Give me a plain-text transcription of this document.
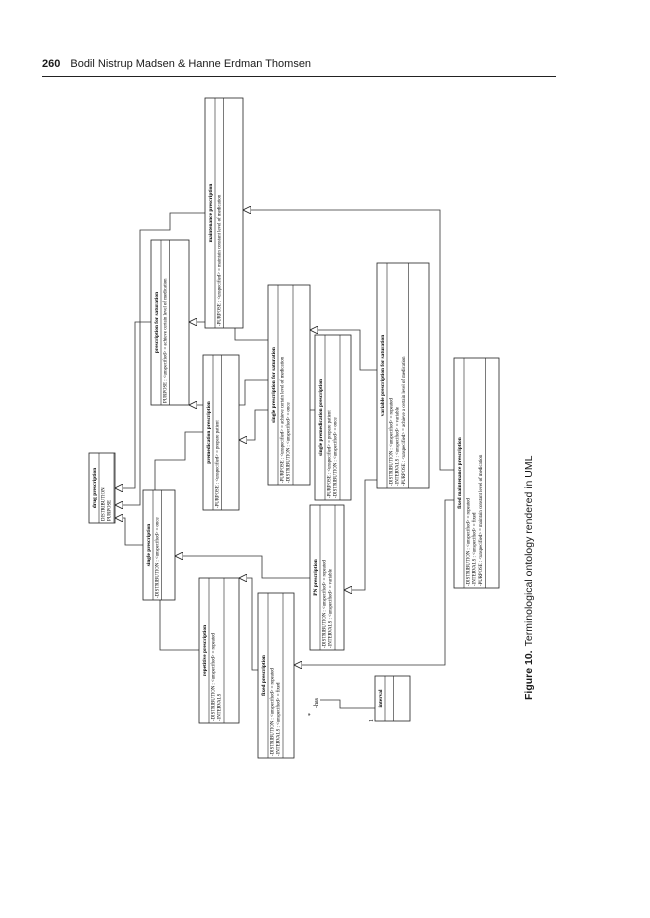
260 Bodil Nistrup Madsen & Hanne Erdman Thomsen
drug prescription DISTRIBUTION PURPOSE
single prescription -DISTRIBUTION : <unspecified> = once
repetitive prescription -DISTRIBUTION : <unspecified> = repeated -INTERVALS
fixed prescription -DISTRIBUTION : <unspecified> = repeated -INTERVALS : <unspecified> = fixed
PN prescription -DISTRIBUTION : <unspecified> = repeated -INTERVALS : <unspecified> = variable
premedication prescription -PURPOSE : <unspecified> = prepare patient
prescription for saturation PURPOSE : <unspecified> = achieve certain level of medication
maintenance prescription -PURPOSE : <unspecified> = maintain constant level of medication
single prescription for saturation -PURPOSE : <unspecified> = achieve certain level of medication -DISTRIBUTION : <unspecified> = once	single premedication prescription -PURPOSE : <unspecified> = prepare patient -DISTRIBUTION : <unspecified> = once
variable prescription for saturation
-DISTRIBUTION : <unspecified> = repeated -INTERVALS : <unspecified> = variable -PURPOSE : <unspecified> = achieve a certain level of medication	fixed maintenance prescription
-DISTRIBUTION : <unspecified> = repeated -INTERVALS : <unspecified> = fixed -PURPOSE : <unspecified> = maintain constant level of medication
interval
-has
*
1
Figure 10.Terminological ontology rendered in UML
